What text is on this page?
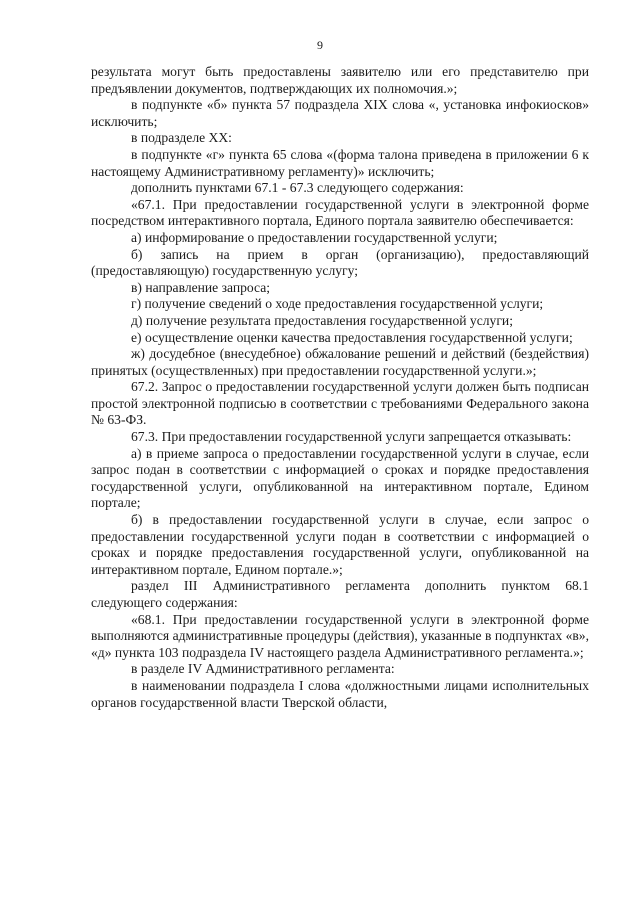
9

результата могут быть предоставлены заявителю или его представителю при предъявлении документов, подтверждающих их полномочия.»;

в подпункте «б» пункта 57 подраздела XIX слова «, установка инфокиосков» исключить;

в подразделе XX:

в подпункте «г» пункта 65 слова «(форма талона приведена в приложении 6 к настоящему Административному регламенту)» исключить;

дополнить пунктами 67.1 - 67.3 следующего содержания:

«67.1. При предоставлении государственной услуги в электронной форме посредством интерактивного портала, Единого портала заявителю обеспечивается:

а) информирование о предоставлении государственной услуги;

б) запись на прием в орган (организацию), предоставляющий (предоставляющую) государственную услугу;

в) направление запроса;

г) получение сведений о ходе предоставления государственной услуги;

д) получение результата предоставления государственной услуги;

е) осуществление оценки качества предоставления государственной услуги;

ж) досудебное (внесудебное) обжалование решений и действий (бездействия) принятых (осуществленных) при предоставлении государственной услуги.»;

67.2. Запрос о предоставлении государственной услуги должен быть подписан простой электронной подписью в соответствии с требованиями Федерального закона № 63-ФЗ.

67.3. При предоставлении государственной услуги запрещается отказывать:

а) в приеме запроса о предоставлении государственной услуги в случае, если запрос подан в соответствии с информацией о сроках и порядке предоставления государственной услуги, опубликованной на интерактивном портале, Едином портале;

б) в предоставлении государственной услуги в случае, если запрос о предоставлении государственной услуги подан в соответствии с информацией о сроках и порядке предоставления государственной услуги, опубликованной на интерактивном портале, Едином портале.»;

раздел III Административного регламента дополнить пунктом 68.1 следующего содержания:

«68.1. При предоставлении государственной услуги в электронной форме выполняются административные процедуры (действия), указанные в подпунктах «в», «д» пункта 103 подраздела IV настоящего раздела Административного регламента.»;

в разделе IV Административного регламента:

в наименовании подраздела I слова «должностными лицами исполнительных органов государственной власти Тверской области,
